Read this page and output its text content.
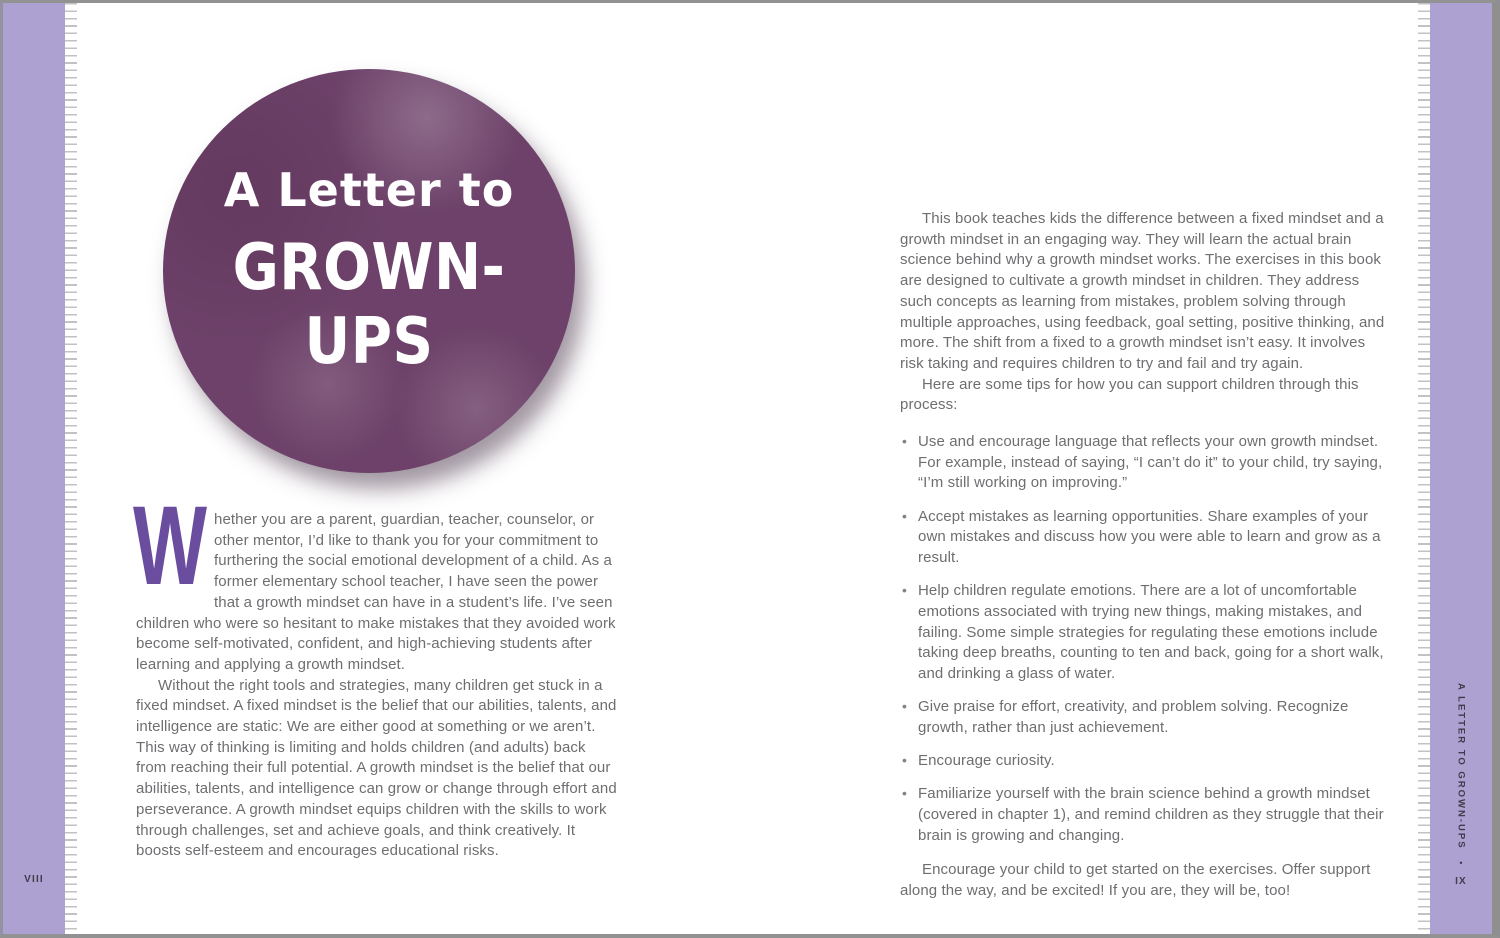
VIII
A Letter to
GROWN-UPS

W hether you are a parent, guardian, teacher, counselor, or other mentor, I’d like to thank you for your commitment to furthering the social emotional development of a child. As a former elementary school teacher, I have seen the power that a growth mindset can have in a student’s life. I’ve seen children who were so hesitant to make mistakes that they avoided work become self-motivated, confident, and high-achieving students after learning and applying a growth mindset.

Without the right tools and strategies, many children get stuck in a fixed mindset. A fixed mindset is the belief that our abilities, talents, and intelligence are static: We are either good at something or we aren’t. This way of thinking is limiting and holds children (and adults) back from reaching their full potential. A growth mindset is the belief that our abilities, talents, and intelligence can grow or change through effort and perseverance. A growth mindset equips children with the skills to work through challenges, set and achieve goals, and think creatively. It boosts self-esteem and encourages educational risks.

This book teaches kids the difference between a fixed mindset and a growth mindset in an engaging way. They will learn the actual brain science behind why a growth mindset works. The exercises in this book are designed to cultivate a growth mindset in children. They address such concepts as learning from mistakes, problem solving through multiple approaches, using feedback, goal setting, positive thinking, and more. The shift from a fixed to a growth mindset isn’t easy. It involves risk taking and requires children to try and fail and try again.

Here are some tips for how you can support children through this process:

• Use and encourage language that reflects your own growth mindset. For example, instead of saying, “I can’t do it” to your child, try saying, “I’m still working on improving.”
• Accept mistakes as learning opportunities. Share examples of your own mistakes and discuss how you were able to learn and grow as a result.
• Help children regulate emotions. There are a lot of uncomfortable emotions associated with trying new things, making mistakes, and failing. Some simple strategies for regulating these emotions include taking deep breaths, counting to ten and back, going for a short walk, and drinking a glass of water.
• Give praise for effort, creativity, and problem solving. Recognize growth, rather than just achievement.
• Encourage curiosity.
• Familiarize yourself with the brain science behind a growth mindset (covered in chapter 1), and remind children as they struggle that their brain is growing and changing.

Encourage your child to get started on the exercises. Offer support along the way, and be excited! If you are, they will be, too!

A LETTER TO GROWN-UPS
•
IX
